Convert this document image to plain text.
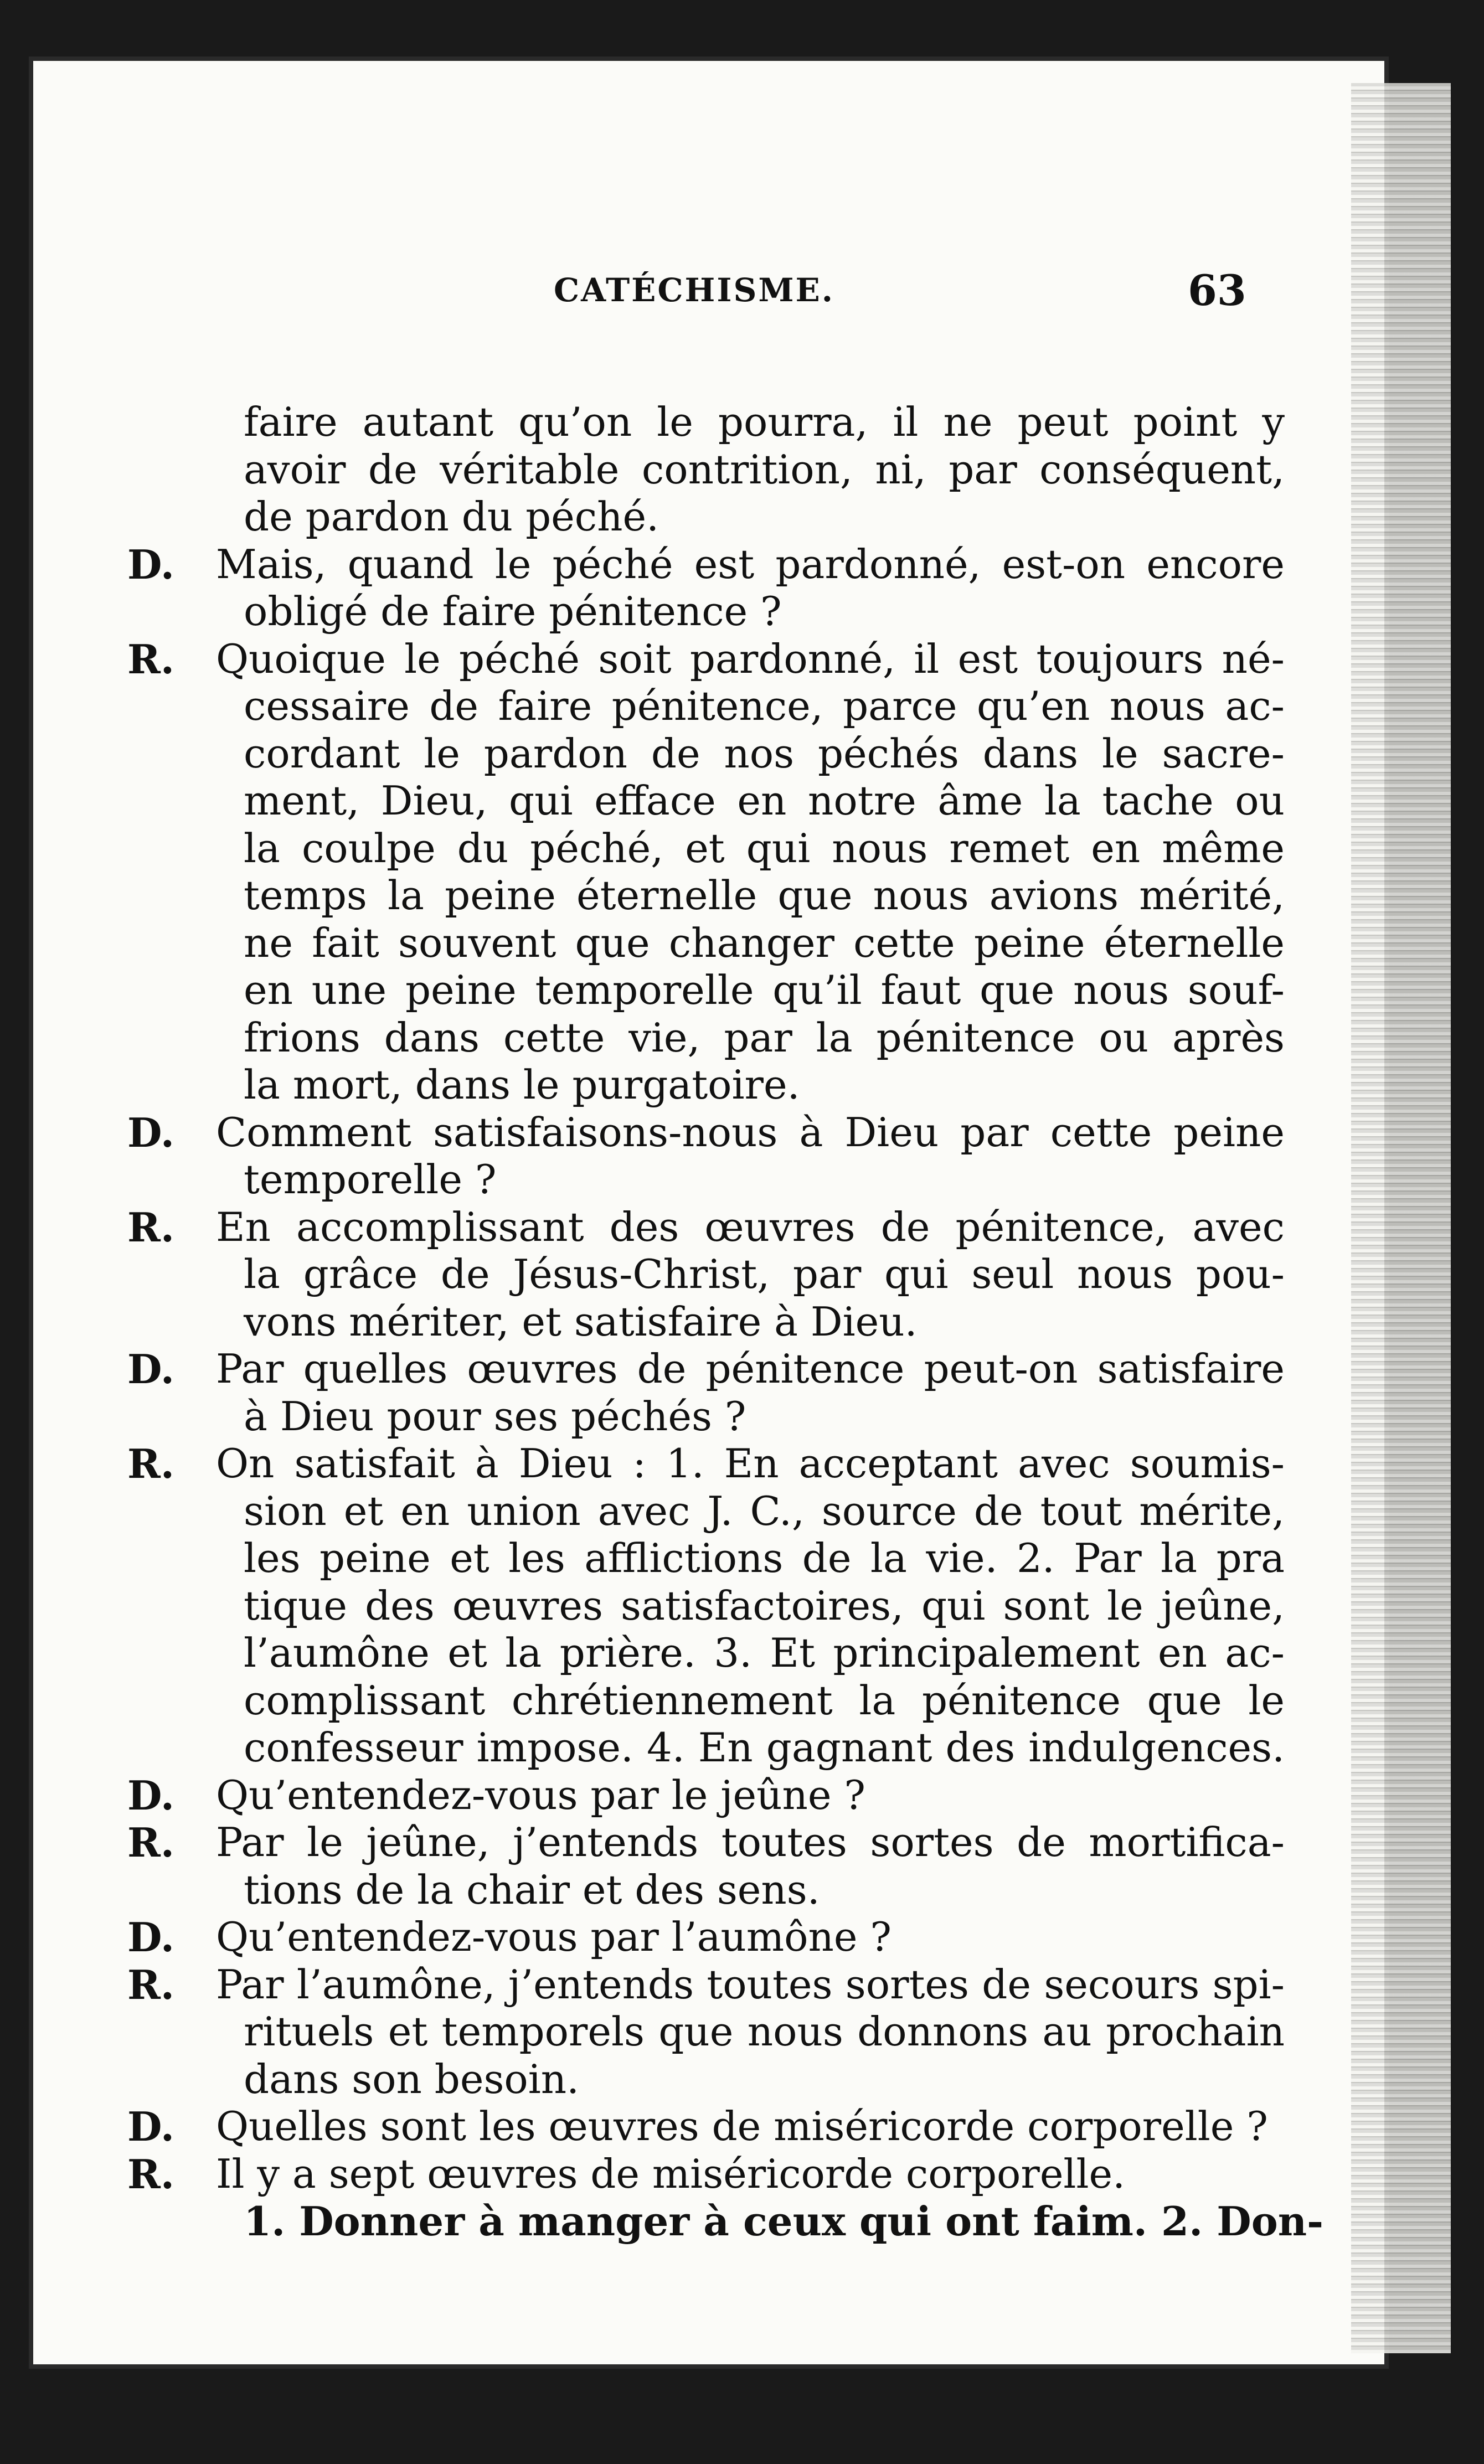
CATÉCHISME.	63
faire autant qu’on le pourra, il ne peut point y
avoir de véritable contrition, ni, par conséquent,
de pardon du péché.
D.	Mais, quand le péché est pardonné, est-on encore
obligé de faire pénitence ?
R.	Quoique le péché soit pardonné, il est toujours né-
cessaire de faire pénitence, parce qu’en nous ac-
cordant le pardon de nos péchés dans le sacre-
ment, Dieu, qui efface en notre âme la tache ou
la coulpe du péché, et qui nous remet en même
temps la peine éternelle que nous avions mérité,
ne fait souvent que changer cette peine éternelle
en une peine temporelle qu’il faut que nous souf-
frions dans cette vie, par la pénitence ou après
la mort, dans le purgatoire.
D.	Comment satisfaisons-nous à Dieu par cette peine
temporelle ?
R.	En accomplissant des œuvres de pénitence, avec
la grâce de Jésus-Christ, par qui seul nous pou-
vons mériter, et satisfaire à Dieu.
D.	Par quelles œuvres de pénitence peut-on satisfaire
à Dieu pour ses péchés ?
R.	On satisfait à Dieu : 1. En acceptant avec soumis-
sion et en union avec J. C., source de tout mérite,
les peine et les afflictions de la vie. 2. Par la pra
tique des œuvres satisfactoires, qui sont le jeûne,
l’aumône et la prière. 3. Et principalement en ac-
complissant chrétiennement la pénitence que le
confesseur impose. 4. En gagnant des indulgences.
D.	Qu’entendez-vous par le jeûne ?
R.	Par le jeûne, j’entends toutes sortes de mortifica-
tions de la chair et des sens.
D.	Qu’entendez-vous par l’aumône ?
R.	Par l’aumône, j’entends toutes sortes de secours spi-
rituels et temporels que nous donnons au prochain
dans son besoin.
D.	Quelles sont les œuvres de miséricorde corporelle ?
R.	Il y a sept œuvres de miséricorde corporelle.
1. Donner à manger à ceux qui ont faim. 2. Don-
